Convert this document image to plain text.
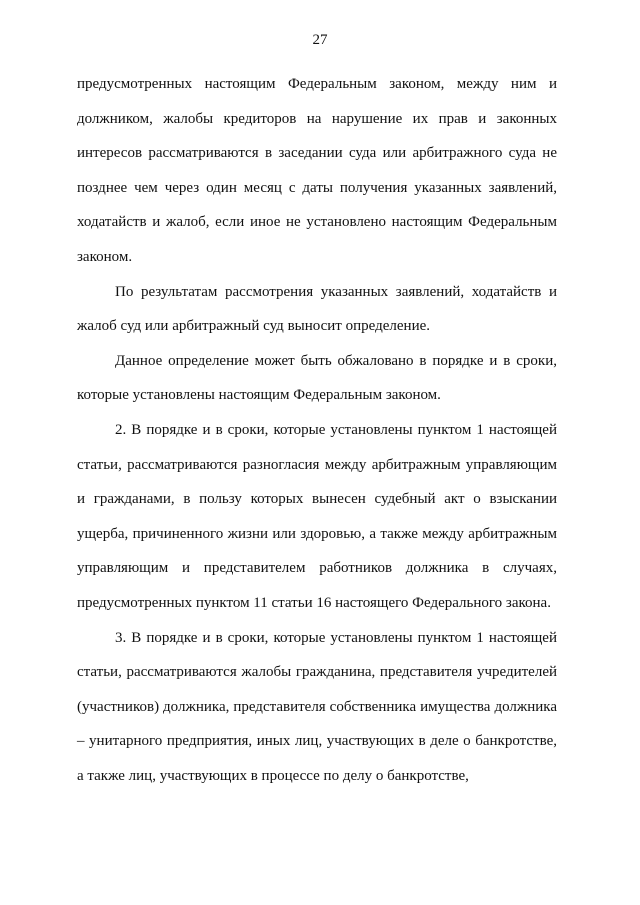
27

предусмотренных настоящим Федеральным законом, между ним и должником, жалобы кредиторов на нарушение их прав и законных интересов рассматриваются в заседании суда или арбитражного суда не позднее чем через один месяц с даты получения указанных заявлений, ходатайств и жалоб, если иное не установлено настоящим Федеральным законом.

По результатам рассмотрения указанных заявлений, ходатайств и жалоб суд или арбитражный суд выносит определение.

Данное определение может быть обжаловано в порядке и в сроки, которые установлены настоящим Федеральным законом.

2. В порядке и в сроки, которые установлены пунктом 1 настоящей статьи, рассматриваются разногласия между арбитражным управляющим и гражданами, в пользу которых вынесен судебный акт о взыскании ущерба, причиненного жизни или здоровью, а также между арбитражным управляющим и представителем работников должника в случаях, предусмотренных пунктом 11 статьи 16 настоящего Федерального закона.

3. В порядке и в сроки, которые установлены пунктом 1 настоящей статьи, рассматриваются жалобы гражданина, представителя учредителей (участников) должника, представителя собственника имущества должника – унитарного предприятия, иных лиц, участвующих в деле о банкротстве, а также лиц, участвующих в процессе по делу о банкротстве,
